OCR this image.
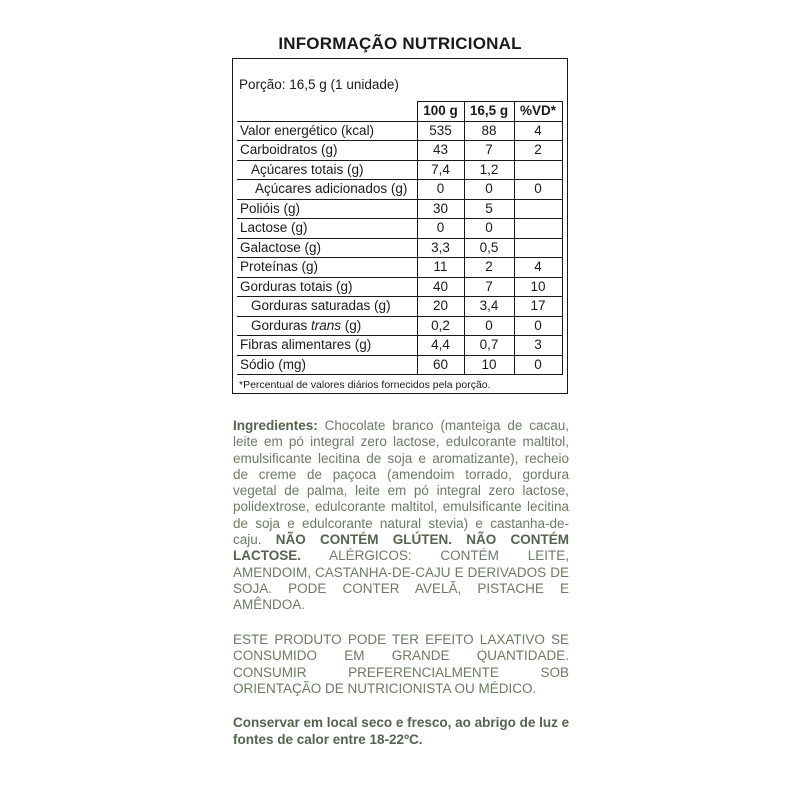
INFORMAÇÃO NUTRICIONAL
Porção: 16,5 g (1 unidade)
	100 g	16,5 g	%VD*
Valor energético (kcal)	535	88	4
Carboidratos (g)	43	7	2
Açúcares totais (g)	7,4	1,2	
Açúcares adicionados (g)	0	0	0
Polióis (g)	30	5	
Lactose (g)	0	0	
Galactose (g)	3,3	0,5	
Proteínas (g)	11	2	4
Gorduras totais (g)	40	7	10
Gorduras saturadas (g)	20	3,4	17
Gorduras trans (g)	0,2	0	0
Fibras alimentares (g)	4,4	0,7	3
Sódio (mg)	60	10	0
*Percentual de valores diários fornecidos pela porção.
Ingredientes: Chocolate branco (manteiga de cacau, leite em pó integral zero lactose, edulcorante maltitol, emulsificante lecitina de soja e aromatizante), recheio de creme de paçoca (amendoim torrado, gordura vegetal de palma, leite em pó integral zero lactose, polidextrose, edulcorante maltitol, emulsificante lecitina de soja e edulcorante natural stevia) e castanha-de-caju. NÃO CONTÉM GLÚTEN. NÃO CONTÉM LACTOSE. ALÉRGICOS: CONTÉM LEITE, AMENDOIM, CASTANHA-DE-CAJU E DERIVADOS DE SOJA. PODE CONTER AVELÃ, PISTACHE E AMÊNDOA.
ESTE PRODUTO PODE TER EFEITO LAXATIVO SE CONSUMIDO EM GRANDE QUANTIDADE. CONSUMIR PREFERENCIALMENTE SOB ORIENTAÇÃO DE NUTRICIONISTA OU MÉDICO.
Conservar em local seco e fresco, ao abrigo de luz e fontes de calor entre 18-22ºC.
